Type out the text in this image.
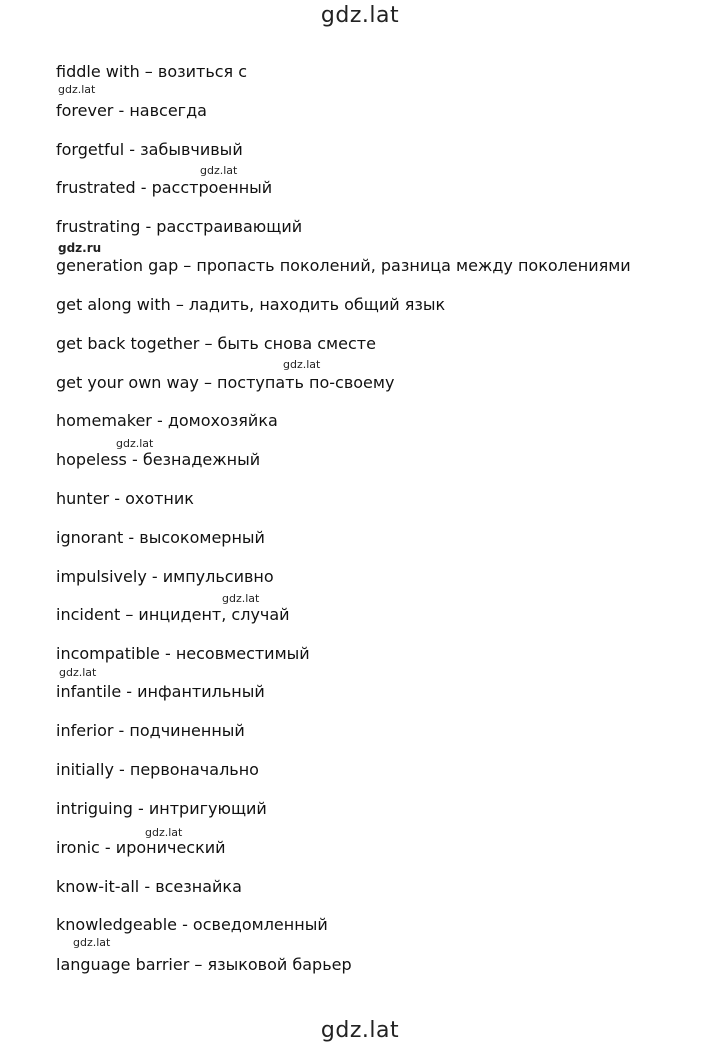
gdz.lat
fiddle with – возиться с
forever - навсегда
forgetful - забывчивый
frustrated - расстроенный
frustrating - расстраивающий
generation gap – пропасть поколений, разница между поколениями
get along with – ладить, находить общий язык
get back together – быть снова сместе
get your own way – поступать по-своему
homemaker - домохозяйка
hopeless - безнадежный
hunter - охотник
ignorant - высокомерный
impulsively - импульсивно
incident – инцидент, случай
incompatible - несовместимый
infantile - инфантильный
inferior - подчиненный
initially - первоначально
intriguing - интригующий
ironic - иронический
know-it-all - всезнайка
knowledgeable - осведомленный
language barrier – языковой барьер
gdz.lat
gdz.lat
gdz.ru
gdz.lat
gdz.lat
gdz.lat
gdz.lat
gdz.lat
gdz.lat
gdz.lat
